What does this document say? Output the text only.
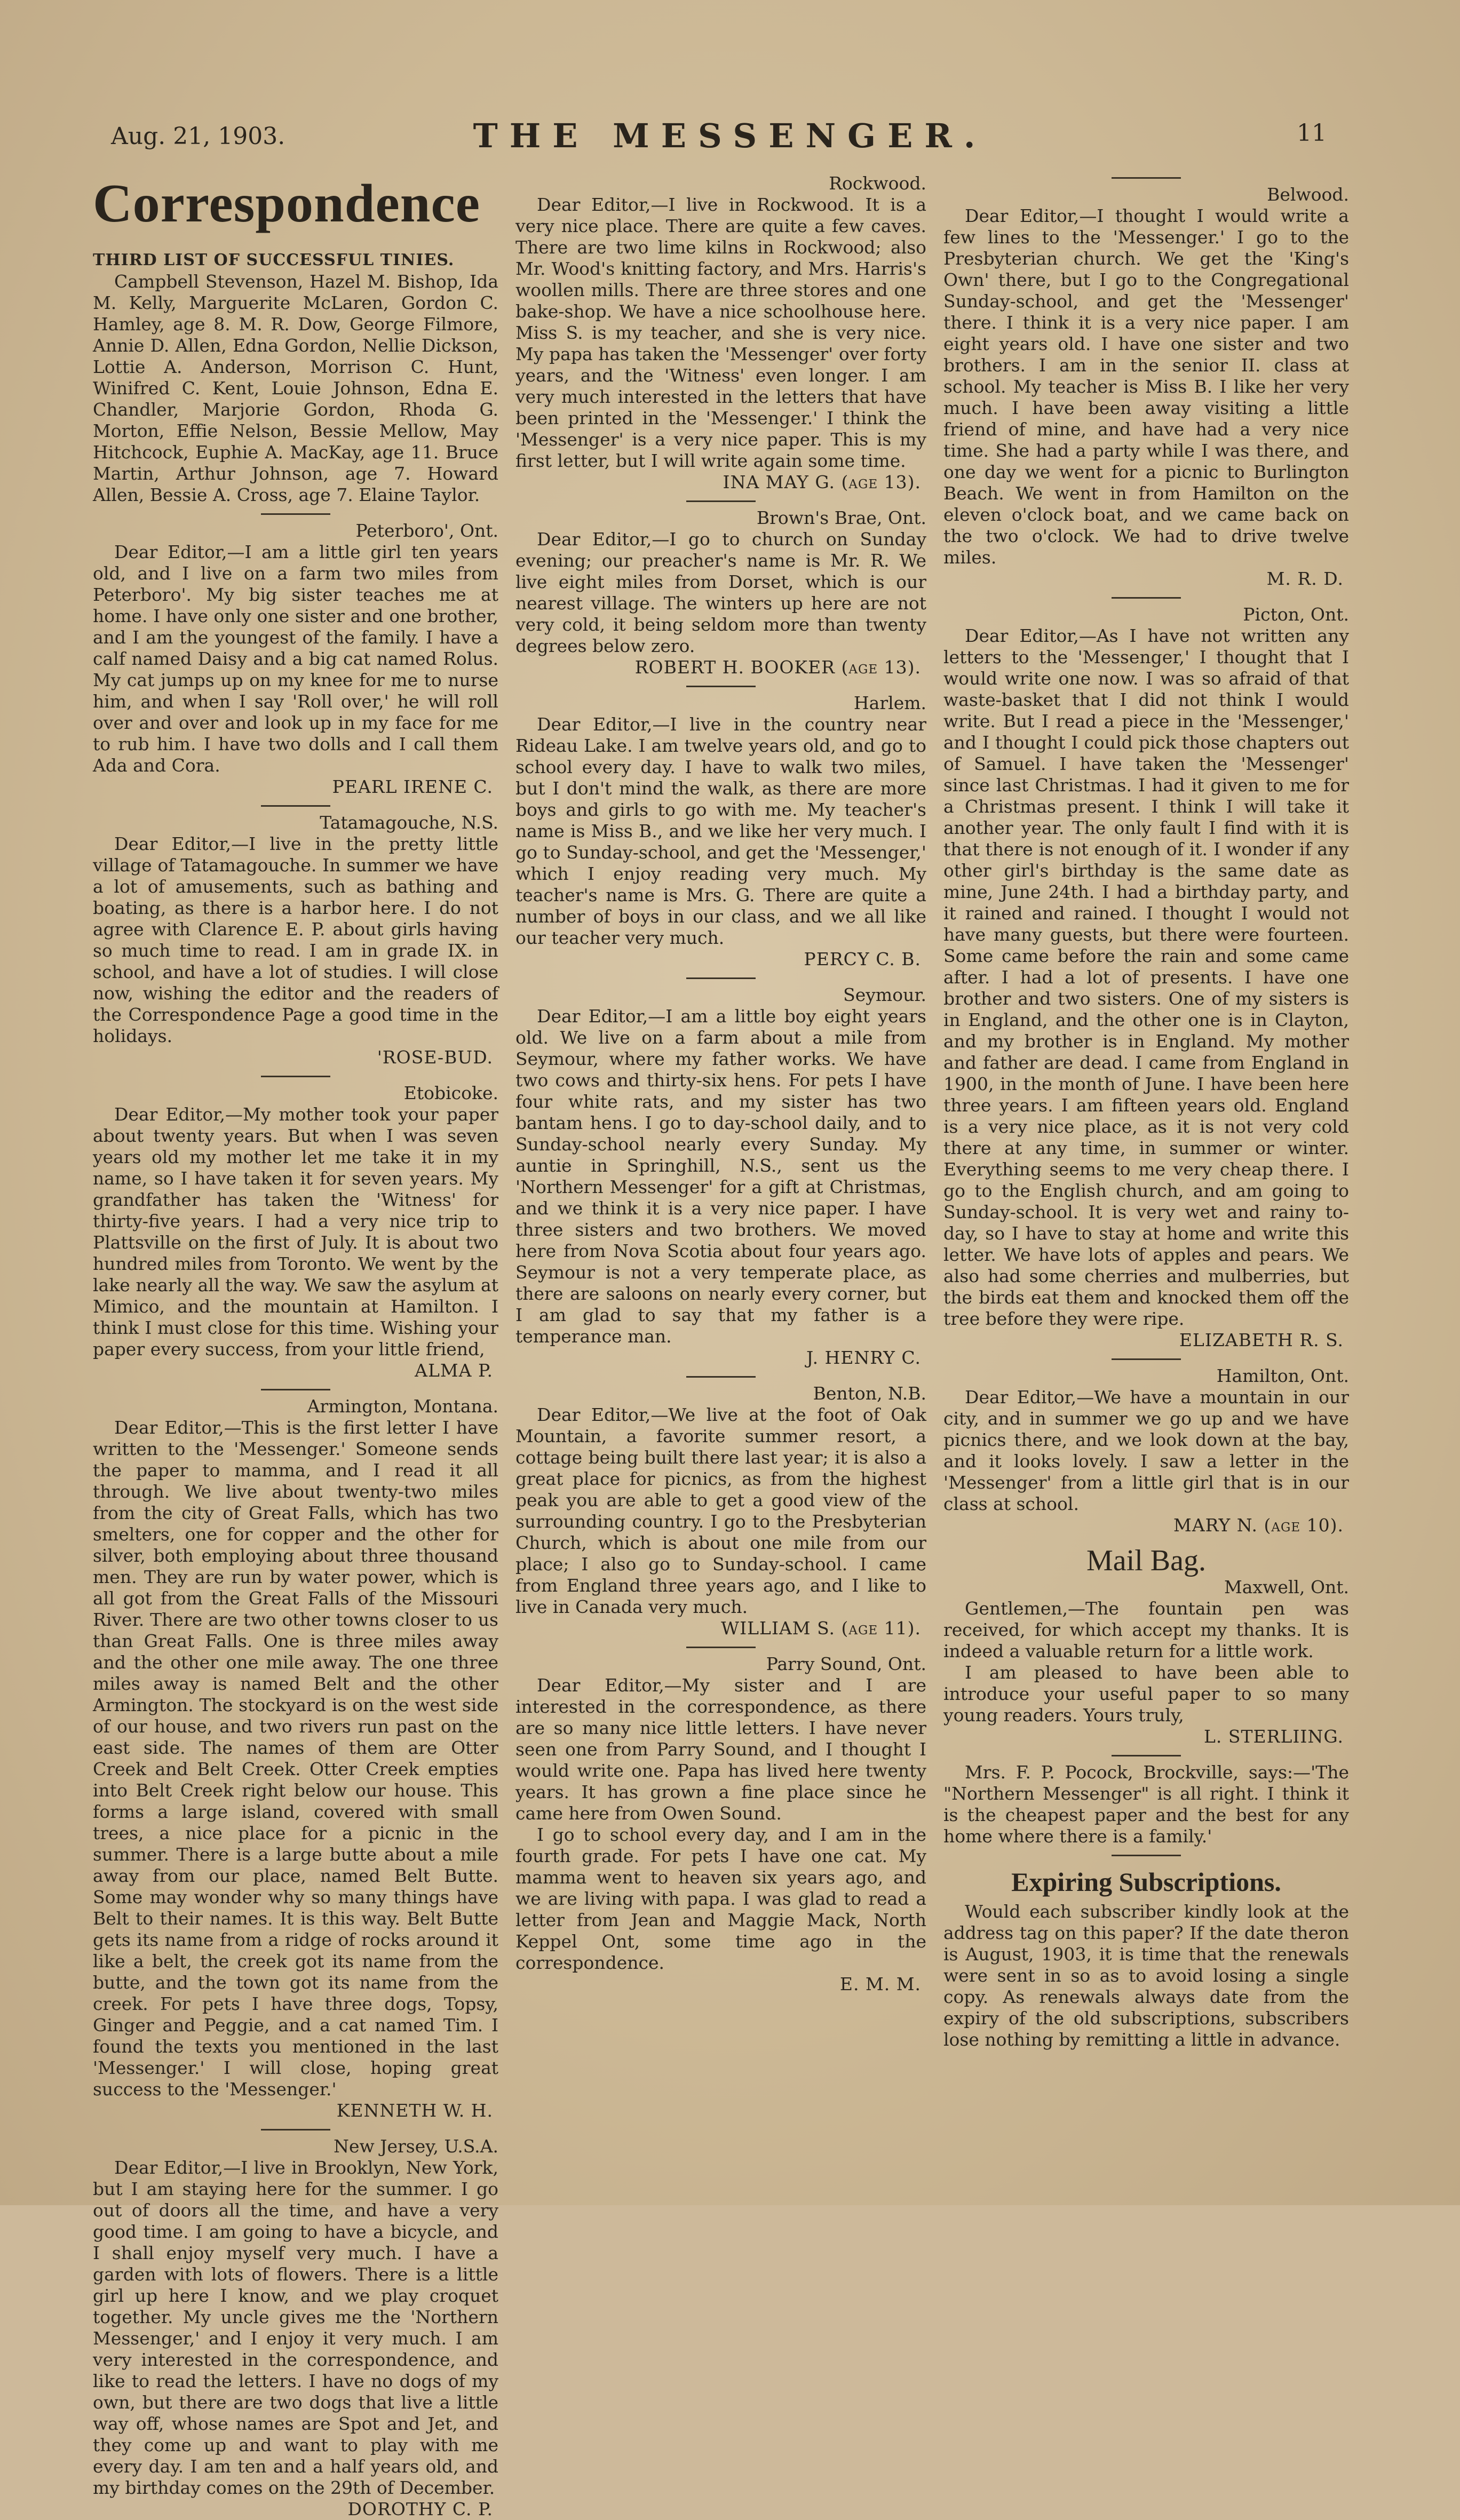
Aug. 21, 1903.	THE MESSENGER.	11
Correspondence

THIRD LIST OF SUCCESSFUL TINIES.

Campbell Stevenson, Hazel M. Bishop, Ida M. Kelly, Marguerite McLaren, Gordon C. Hamley, age 8. M. R. Dow, George Filmore, Annie D. Allen, Edna Gordon, Nellie Dickson, Lottie A. Anderson, Morrison C. Hunt, Winifred C. Kent, Louie Johnson, Edna E. Chandler, Marjorie Gordon, Rhoda G. Morton, Effie Nelson, Bessie Mellow, May Hitchcock, Euphie A. MacKay, age 11. Bruce Martin, Arthur Johnson, age 7. Howard Allen, Bessie A. Cross, age 7. Elaine Taylor.

Peterboro', Ont.

Dear Editor,—I am a little girl ten years old, and I live on a farm two miles from Peterboro'. My big sister teaches me at home. I have only one sister and one brother, and I am the youngest of the family. I have a calf named Daisy and a big cat named Rolus. My cat jumps up on my knee for me to nurse him, and when I say 'Roll over,' he will roll over and over and look up in my face for me to rub him. I have two dolls and I call them Ada and Cora.

PEARL IRENE C.

Tatamagouche, N.S.

Dear Editor,—I live in the pretty little village of Tatamagouche. In summer we have a lot of amusements, such as bathing and boating, as there is a harbor here. I do not agree with Clarence E. P. about girls having so much time to read. I am in grade IX. in school, and have a lot of studies. I will close now, wishing the editor and the readers of the Correspondence Page a good time in the holidays.

'ROSE-BUD.

Etobicoke.

Dear Editor,—My mother took your paper about twenty years. But when I was seven years old my mother let me take it in my name, so I have taken it for seven years. My grandfather has taken the 'Witness' for thirty-five years. I had a very nice trip to Plattsville on the first of July. It is about two hundred miles from Toronto. We went by the lake nearly all the way. We saw the asylum at Mimico, and the mountain at Hamilton. I think I must close for this time. Wishing your paper every success, from your little friend,

ALMA P.

Armington, Montana.

Dear Editor,—This is the first letter I have written to the 'Messenger.' Someone sends the paper to mamma, and I read it all through. We live about twenty-two miles from the city of Great Falls, which has two smelters, one for copper and the other for silver, both employing about three thousand men. They are run by water power, which is all got from the Great Falls of the Missouri River. There are two other towns closer to us than Great Falls. One is three miles away and the other one mile away. The one three miles away is named Belt and the other Armington. The stockyard is on the west side of our house, and two rivers run past on the east side. The names of them are Otter Creek and Belt Creek. Otter Creek empties into Belt Creek right below our house. This forms a large island, covered with small trees, a nice place for a picnic in the summer. There is a large butte about a mile away from our place, named Belt Butte. Some may wonder why so many things have Belt to their names. It is this way. Belt Butte gets its name from a ridge of rocks around it like a belt, the creek got its name from the butte, and the town got its name from the creek. For pets I have three dogs, Topsy, Ginger and Peggie, and a cat named Tim. I found the texts you mentioned in the last 'Messenger.' I will close, hoping great success to the 'Messenger.'

KENNETH W. H.

New Jersey, U.S.A.

Dear Editor,—I live in Brooklyn, New York, but I am staying here for the summer. I go out of doors all the time, and have a very good time. I am going to have a bicycle, and I shall enjoy myself very much. I have a garden with lots of flowers. There is a little girl up here I know, and we play croquet together. My uncle gives me the 'Northern Messenger,' and I enjoy it very much. I am very interested in the correspondence, and like to read the letters. I have no dogs of my own, but there are two dogs that live a little way off, whose names are Spot and Jet, and they come up and want to play with me every day. I am ten and a half years old, and my birthday comes on the 29th of December.

DOROTHY C. P.

Rockwood.

Dear Editor,—I live in Rockwood. It is a very nice place. There are quite a few caves. There are two lime kilns in Rockwood; also Mr. Wood's knitting factory, and Mrs. Harris's woollen mills. There are three stores and one bake-shop. We have a nice schoolhouse here. Miss S. is my teacher, and she is very nice. My papa has taken the 'Messenger' over forty years, and the 'Witness' even longer. I am very much interested in the letters that have been printed in the 'Messenger.' I think the 'Messenger' is a very nice paper. This is my first letter, but I will write again some time.

INA MAY G. (age 13).

Brown's Brae, Ont.

Dear Editor,—I go to church on Sunday evening; our preacher's name is Mr. R. We live eight miles from Dorset, which is our nearest village. The winters up here are not very cold, it being seldom more than twenty degrees below zero.

ROBERT H. BOOKER (age 13).

Harlem.

Dear Editor,—I live in the country near Rideau Lake. I am twelve years old, and go to school every day. I have to walk two miles, but I don't mind the walk, as there are more boys and girls to go with me. My teacher's name is Miss B., and we like her very much. I go to Sunday-school, and get the 'Messenger,' which I enjoy reading very much. My teacher's name is Mrs. G. There are quite a number of boys in our class, and we all like our teacher very much.

PERCY C. B.

Seymour.

Dear Editor,—I am a little boy eight years old. We live on a farm about a mile from Seymour, where my father works. We have two cows and thirty-six hens. For pets I have four white rats, and my sister has two bantam hens. I go to day-school daily, and to Sunday-school nearly every Sunday. My auntie in Springhill, N.S., sent us the 'Northern Messenger' for a gift at Christmas, and we think it is a very nice paper. I have three sisters and two brothers. We moved here from Nova Scotia about four years ago. Seymour is not a very temperate place, as there are saloons on nearly every corner, but I am glad to say that my father is a temperance man.

J. HENRY C.

Benton, N.B.

Dear Editor,—We live at the foot of Oak Mountain, a favorite summer resort, a cottage being built there last year; it is also a great place for picnics, as from the highest peak you are able to get a good view of the surrounding country. I go to the Presbyterian Church, which is about one mile from our place; I also go to Sunday-school. I came from England three years ago, and I like to live in Canada very much.

WILLIAM S. (age 11).

Parry Sound, Ont.

Dear Editor,—My sister and I are interested in the correspondence, as there are so many nice little letters. I have never seen one from Parry Sound, and I thought I would write one. Papa has lived here twenty years. It has grown a fine place since he came here from Owen Sound.

I go to school every day, and I am in the fourth grade. For pets I have one cat. My mamma went to heaven six years ago, and we are living with papa. I was glad to read a letter from Jean and Maggie Mack, North Keppel Ont, some time ago in the correspondence.

E. M. M.

Belwood.

Dear Editor,—I thought I would write a few lines to the 'Messenger.' I go to the Presbyterian church. We get the 'King's Own' there, but I go to the Congregational Sunday-school, and get the 'Messenger' there. I think it is a very nice paper. I am eight years old. I have one sister and two brothers. I am in the senior II. class at school. My teacher is Miss B. I like her very much. I have been away visiting a little friend of mine, and have had a very nice time. She had a party while I was there, and one day we went for a picnic to Burlington Beach. We went in from Hamilton on the eleven o'clock boat, and we came back on the two o'clock. We had to drive twelve miles.

M. R. D.

Picton, Ont.

Dear Editor,—As I have not written any letters to the 'Messenger,' I thought that I would write one now. I was so afraid of that waste-basket that I did not think I would write. But I read a piece in the 'Messenger,' and I thought I could pick those chapters out of Samuel. I have taken the 'Messenger' since last Christmas. I had it given to me for a Christmas present. I think I will take it another year. The only fault I find with it is that there is not enough of it. I wonder if any other girl's birthday is the same date as mine, June 24th. I had a birthday party, and it rained and rained. I thought I would not have many guests, but there were fourteen. Some came before the rain and some came after. I had a lot of presents. I have one brother and two sisters. One of my sisters is in England, and the other one is in Clayton, and my brother is in England. My mother and father are dead. I came from England in 1900, in the month of June. I have been here three years. I am fifteen years old. England is a very nice place, as it is not very cold there at any time, in summer or winter. Everything seems to me very cheap there. I go to the English church, and am going to Sunday-school. It is very wet and rainy to-day, so I have to stay at home and write this letter. We have lots of apples and pears. We also had some cherries and mulberries, but the birds eat them and knocked them off the tree before they were ripe.

ELIZABETH R. S.

Hamilton, Ont.

Dear Editor,—We have a mountain in our city, and in summer we go up and we have picnics there, and we look down at the bay, and it looks lovely. I saw a letter in the 'Messenger' from a little girl that is in our class at school.

MARY N. (age 10).

Mail Bag.

Maxwell, Ont.

Gentlemen,—The fountain pen was received, for which accept my thanks. It is indeed a valuable return for a little work.

I am pleased to have been able to introduce your useful paper to so many young readers. Yours truly,

L. STERLIING.

Mrs. F. P. Pocock, Brockville, says:—'The "Northern Messenger" is all right. I think it is the cheapest paper and the best for any home where there is a family.'

Expiring Subscriptions.

Would each subscriber kindly look at the address tag on this paper? If the date theron is August, 1903, it is time that the renewals were sent in so as to avoid losing a single copy. As renewals always date from the expiry of the old subscriptions, subscribers lose nothing by remitting a little in advance.
